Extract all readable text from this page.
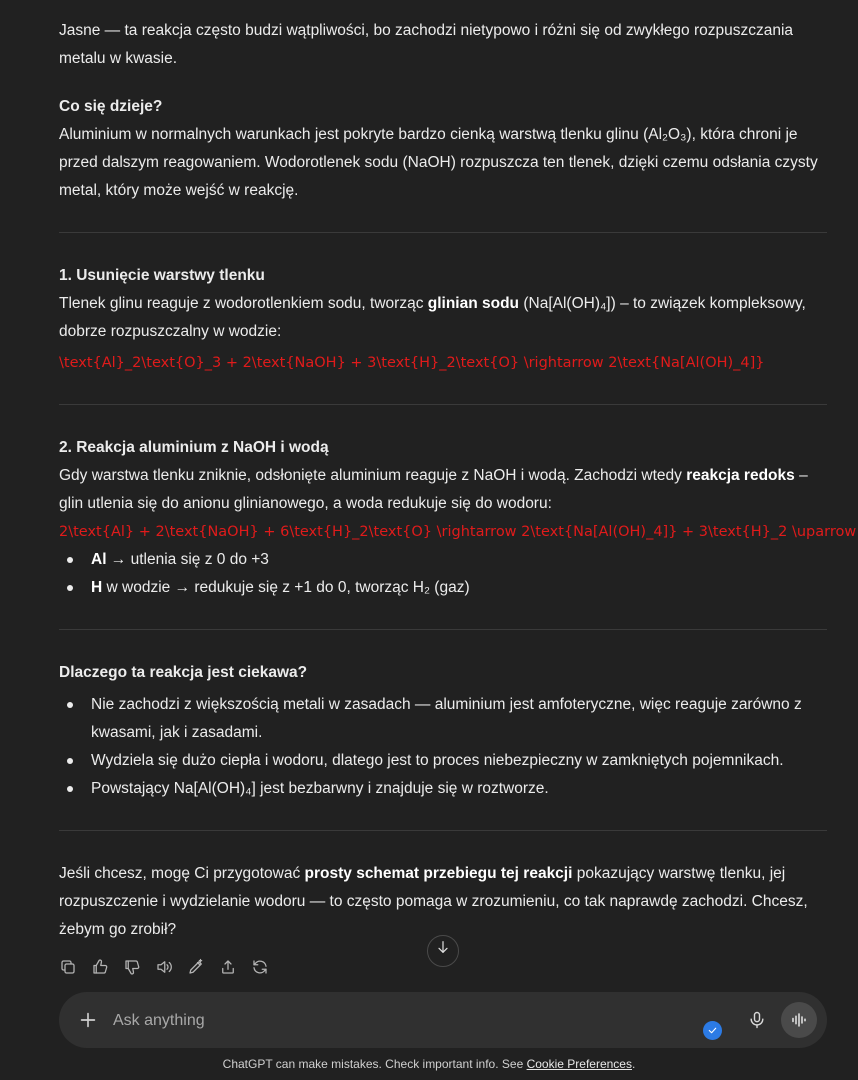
Jasne — ta reakcja często budzi wątpliwości, bo zachodzi nietypowo i różni się od zwykłego rozpuszczania metalu w kwasie.

Co się dzieje?

Aluminium w normalnych warunkach jest pokryte bardzo cienką warstwą tlenku glinu (Al₂O₃), która chroni je przed dalszym reagowaniem. Wodorotlenek sodu (NaOH) rozpuszcza ten tlenek, dzięki czemu odsłania czysty metal, który może wejść w reakcję.

1. Usunięcie warstwy tlenku

Tlenek glinu reaguje z wodorotlenkiem sodu, tworząc glinian sodu (Na[Al(OH)₄]) – to związek kompleksowy, dobrze rozpuszczalny w wodzie:

\text{Al}_2\text{O}_3 + 2\text{NaOH} + 3\text{H}_2\text{O} \rightarrow 2\text{Na[Al(OH)_4]}

2. Reakcja aluminium z NaOH i wodą

Gdy warstwa tlenku zniknie, odsłonięte aluminium reaguje z NaOH i wodą. Zachodzi wtedy reakcja redoks – glin utlenia się do anionu glinianowego, a woda redukuje się do wodoru:

2\text{Al} + 2\text{NaOH} + 6\text{H}_2\text{O} \rightarrow 2\text{Na[Al(OH)_4]} + 3\text{H}_2 \uparrow

Al → utlenia się z 0 do +3
H w wodzie → redukuje się z +1 do 0, tworząc H₂ (gaz)

Dlaczego ta reakcja jest ciekawa?

Nie zachodzi z większością metali w zasadach — aluminium jest amfoteryczne, więc reaguje zarówno z kwasami, jak i zasadami.
Wydziela się dużo ciepła i wodoru, dlatego jest to proces niebezpieczny w zamkniętych pojemnikach.
Powstający Na[Al(OH)₄] jest bezbarwny i znajduje się w roztworze.

Jeśli chcesz, mogę Ci przygotować prosty schemat przebiegu tej reakcji pokazujący warstwę tlenku, jej rozpuszczenie i wydzielanie wodoru — to często pomaga w zrozumieniu, co tak naprawdę zachodzi. Chcesz, żebym go zrobił?

Ask anything
ChatGPT can make mistakes. Check important info. See Cookie Preferences.
